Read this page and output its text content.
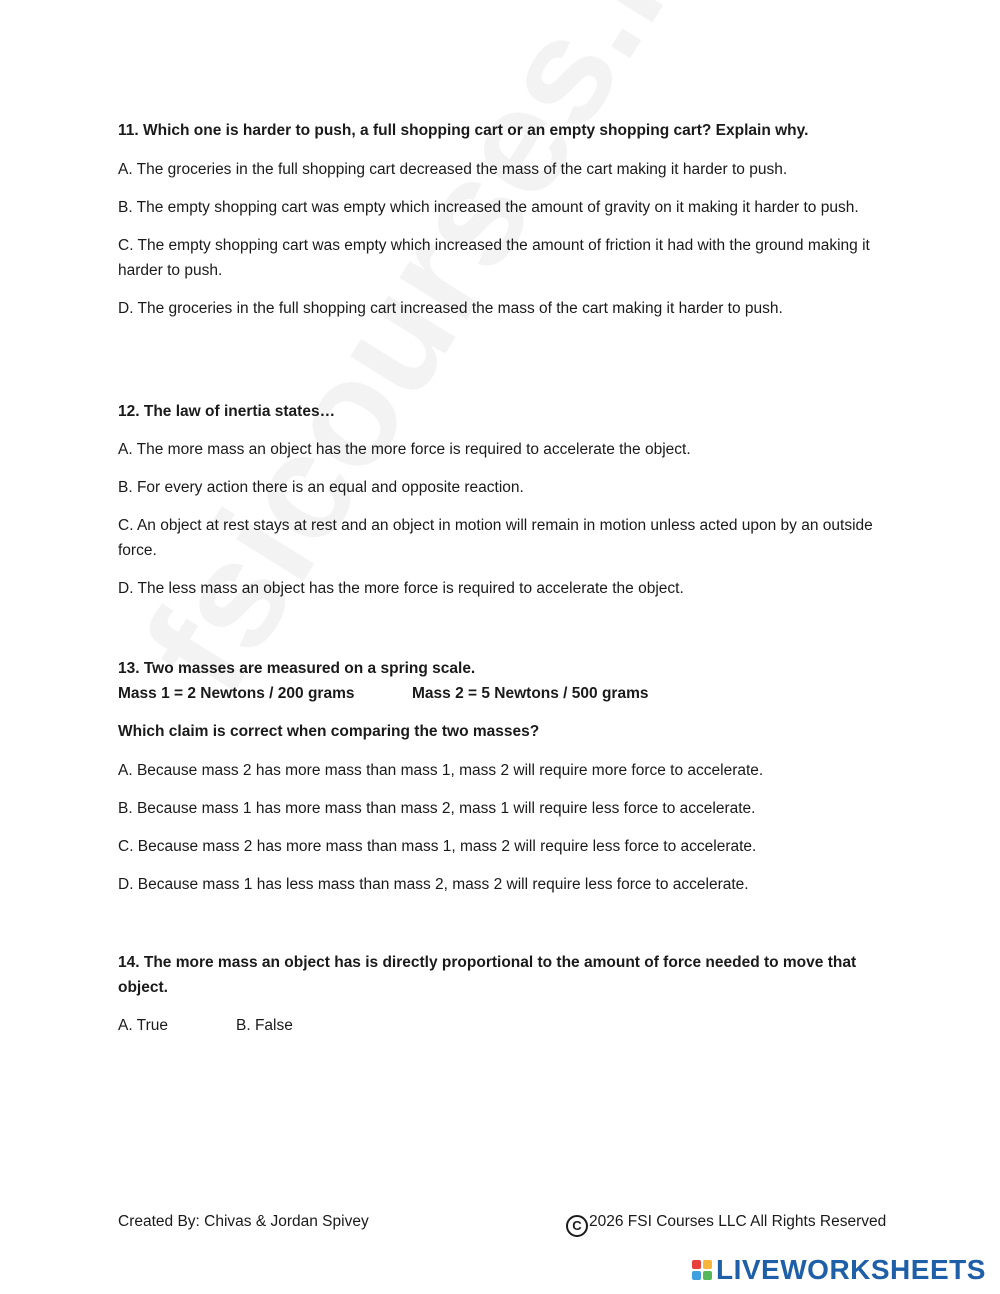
11. Which one is harder to push, a full shopping cart or an empty shopping cart? Explain why.

A. The groceries in the full shopping cart decreased the mass of the cart making it harder to push.

B. The empty shopping cart was empty which increased the amount of gravity on it making it harder to push.

C. The empty shopping cart was empty which increased the amount of friction it had with the ground making it harder to push.

D. The groceries in the full shopping cart increased the mass of the cart making it harder to push.

12. The law of inertia states…

A. The more mass an object has the more force is required to accelerate the object.

B. For every action there is an equal and opposite reaction.

C. An object at rest stays at rest and an object in motion will remain in motion unless acted upon by an outside force.

D. The less mass an object has the more force is required to accelerate the object.

13. Two masses are measured on a spring scale.

Mass 1 = 2 Newtons / 200 grams	Mass 2 = 5 Newtons / 500 grams

Which claim is correct when comparing the two masses?

A. Because mass 2 has more mass than mass 1, mass 2 will require more force to accelerate.

B. Because mass 1 has more mass than mass 2, mass 1 will require less force to accelerate.

C. Because mass 2 has more mass than mass 1, mass 2 will require less force to accelerate.

D. Because mass 1 has less mass than mass 2, mass 2 will require less force to accelerate.

14. The more mass an object has is directly proportional to the amount of force needed to move that object.

A. True	B. False
Created By: Chivas & Jordan Spivey	C 2026 FSI Courses LLC All Rights Reserved
LIVEWORKSHEETS
